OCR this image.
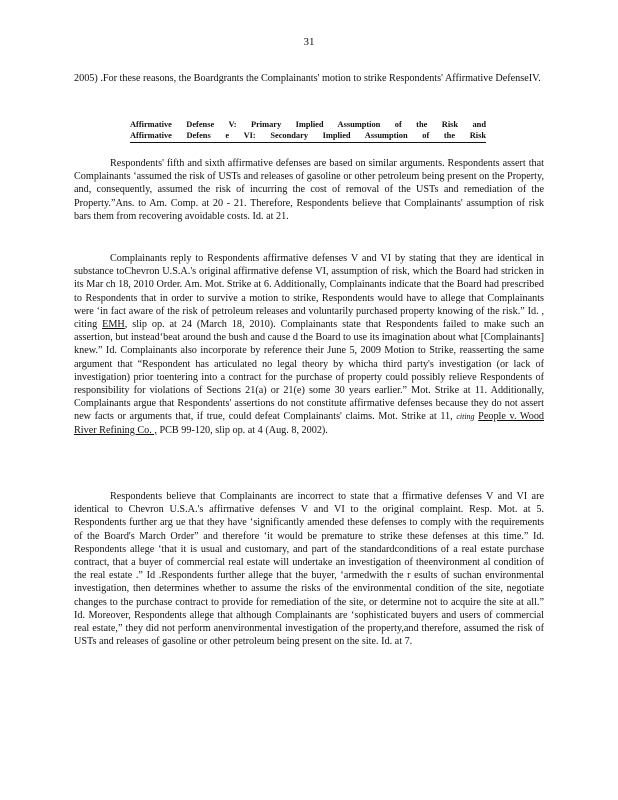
31

2005) .For these reasons, the Boardgrants the Complainants' motion to strike Respondents' Affirmative DefenseIV.

Affirmative Defense V: Primary Implied Assumption of the Risk and
Affirmative Defens e VI: Secondary Implied Assumption of the Risk

Respondents' fifth and sixth affirmative defenses are based on similar arguments. Respondents assert that Complainants ‘assumed the risk of USTs and releases of gasoline or other petroleum being present on the Property, and, consequently, assumed the risk of incurring the cost of removal of the USTs and remediation of the Property.”Ans. to Am. Comp. at 20 - 21. Therefore, Respondents believe that Complainants' assumption of risk bars them from recovering avoidable costs. Id. at 21.

Complainants reply to Respondents affirmative defenses V and VI by stating that they are identical in substance toChevron U.S.A.'s original affirmative defense VI, assumption of risk, which the Board had stricken in its Mar ch 18, 2010 Order. Am. Mot. Strike at 6. Additionally, Complainants indicate that the Board had prescribed to Respondents that in order to survive a motion to strike, Respondents would have to allege that Complainants were ‘in fact aware of the risk of petroleum releases and voluntarily purchased property knowing of the risk.” Id. , citing EMH, slip op. at 24 (March 18, 2010). Complainants state that Respondents failed to make such an assertion, but instead‘beat around the bush and cause d the Board to use its imagination about what [Complainants] knew.” Id. Complainants also incorporate by reference their June 5, 2009 Motion to Strike, reasserting the same argument that “Respondent has articulated no legal theory by whicha third party's investigation (or lack of investigation) prior toentering into a contract for the purchase of property could possibly relieve Respondents of responsibility for violations of Sections 21(a) or 21(e) some 30 years earlier.” Mot. Strike at 11. Additionally, Complainants argue that Respondents' assertions do not constitute affirmative defenses because they do not assert new facts or arguments that, if true, could defeat Complainants' claims. Mot. Strike at 11, citing People v. Wood River Refining Co. , PCB 99-120, slip op. at 4 (Aug. 8, 2002).

Respondents believe that Complainants are incorrect to state that a ffirmative defenses V and VI are identical to Chevron U.S.A.'s affirmative defenses V and VI to the original complaint. Resp. Mot. at 5. Respondents further arg ue that they have ‘significantly amended these defenses to comply with the requirements of the Board's March Order” and therefore ‘it would be premature to strike these defenses at this time.” Id. Respondents allege ‘that it is usual and customary, and part of the standardconditions of a real estate purchase contract, that a buyer of commercial real estate will undertake an investigation of theenvironment al condition of the real estate .” Id .Respondents further allege that the buyer, ‘armedwith the r esults of suchan environmental investigation, then determines whether to assume the risks of the environmental condition of the site, negotiate changes to the purchase contract to provide for remediation of the site, or determine not to acquire the site at all.” Id. Moreover, Respondents allege that although Complainants are ‘sophisticated buyers and users of commercial real estate,” they did not perform anenvironmental investigation of the property,and therefore, assumed the risk of USTs and releases of gasoline or other petroleum being present on the site. Id. at 7.
